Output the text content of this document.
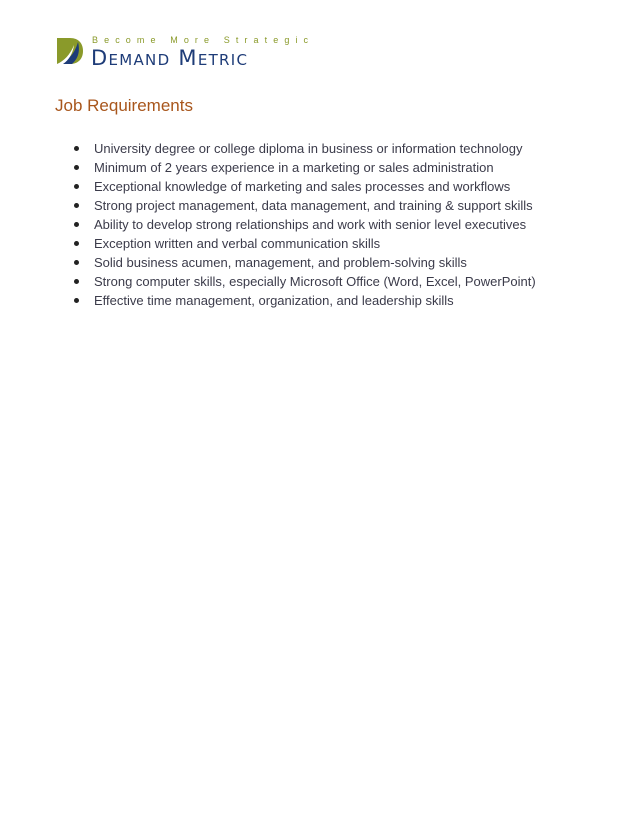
Become More Strategic
Demand Metric
Job Requirements
University degree or college diploma in business or information technology
Minimum of 2 years experience in a marketing or sales administration
Exceptional knowledge of marketing and sales processes and workflows
Strong project management, data management, and training & support skills
Ability to develop strong relationships and work with senior level executives
Exception written and verbal communication skills
Solid business acumen, management, and problem-solving skills
Strong computer skills, especially Microsoft Office (Word, Excel, PowerPoint)
Effective time management, organization, and leadership skills
